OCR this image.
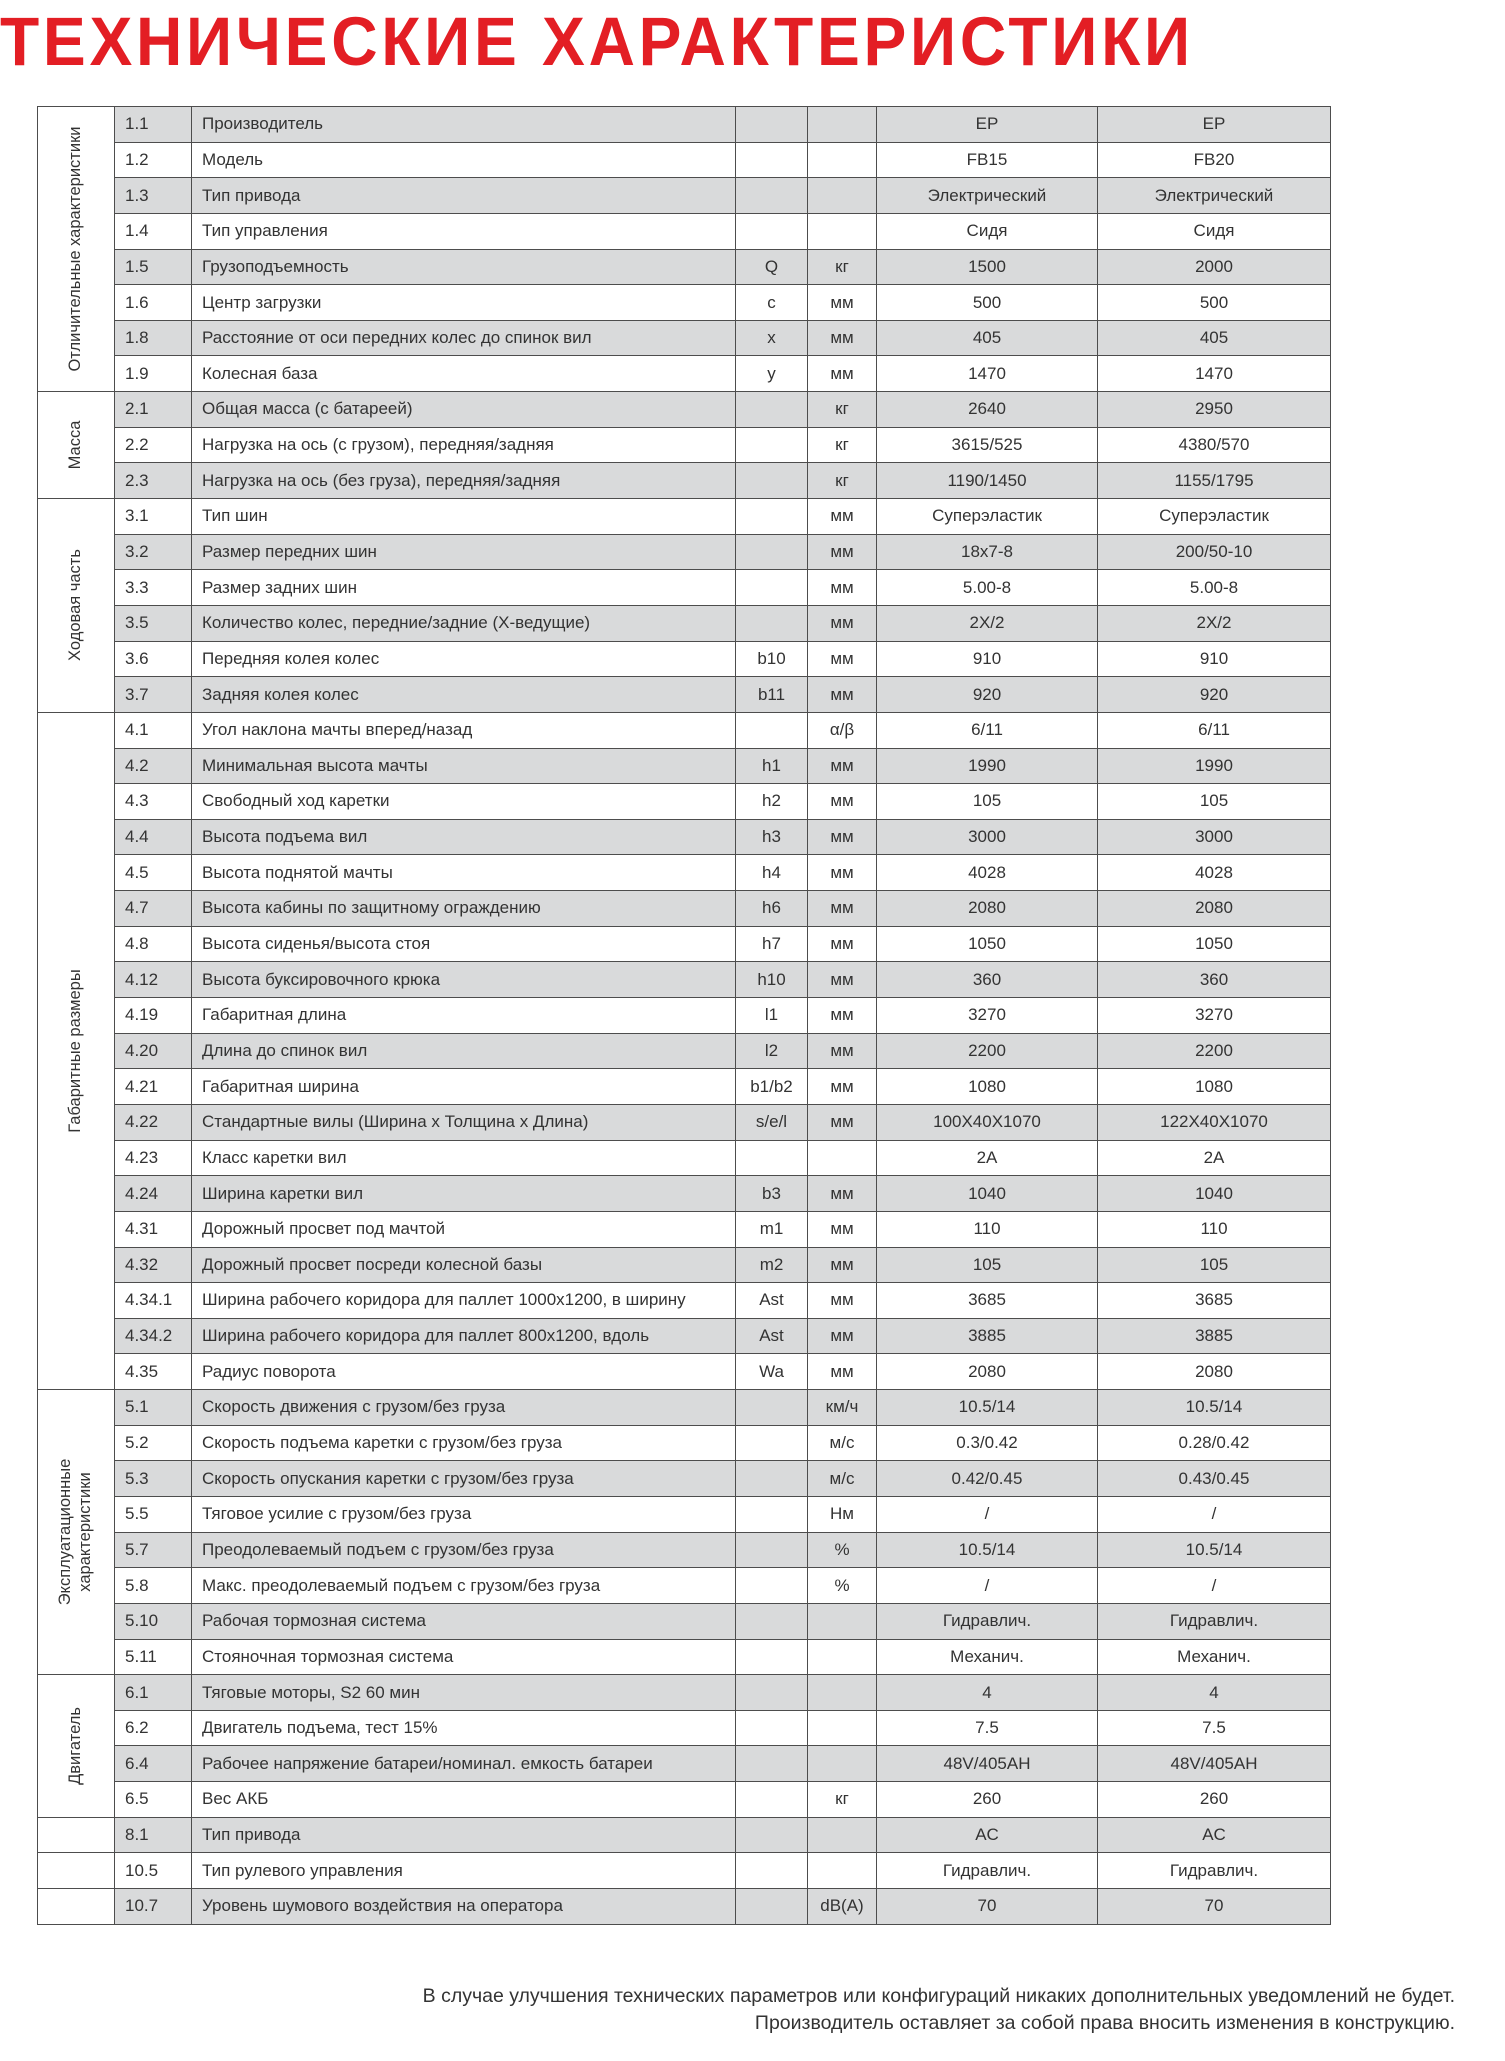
ТЕХНИЧЕСКИЕ ХАРАКТЕРИСТИКИ
Отличительные характеристики	1.1	Производитель			EP	EP
	1.2	Модель			FB15	FB20
	1.3	Тип привода			Электрический	Электрический
	1.4	Тип управления			Сидя	Сидя
	1.5	Грузоподъемность	Q	кг	1500	2000
	1.6	Центр загрузки	c	мм	500	500
	1.8	Расстояние от оси передних колес до спинок вил	x	мм	405	405
	1.9	Колесная база	y	мм	1470	1470

Масса	2.1	Общая масса (с батареей)		кг	2640	2950
	2.2	Нагрузка на ось (с грузом), передняя/задняя		кг	3615/525	4380/570
	2.3	Нагрузка на ось (без груза), передняя/задняя		кг	1190/1450	1155/1795

Ходовая часть	3.1	Тип шин		мм	Суперэластик	Суперэластик
	3.2	Размер передних шин		мм	18x7-8	200/50-10
	3.3	Размер задних шин		мм	5.00-8	5.00-8
	3.5	Количество колес, передние/задние (X-ведущие)		мм	2X/2	2X/2
	3.6	Передняя колея колес	b10	мм	910	910
	3.7	Задняя колея колес	b11	мм	920	920

Габаритные размеры	4.1	Угол наклона мачты вперед/назад		α/β	6/11	6/11
	4.2	Минимальная высота мачты	h1	мм	1990	1990
	4.3	Свободный ход каретки	h2	мм	105	105
	4.4	Высота подъема вил	h3	мм	3000	3000
	4.5	Высота поднятой мачты	h4	мм	4028	4028
	4.7	Высота кабины по защитному ограждению	h6	мм	2080	2080
	4.8	Высота сиденья/высота стоя	h7	мм	1050	1050
	4.12	Высота буксировочного крюка	h10	мм	360	360
	4.19	Габаритная длина	l1	мм	3270	3270
	4.20	Длина до спинок вил	l2	мм	2200	2200
	4.21	Габаритная ширина	b1/b2	мм	1080	1080
	4.22	Стандартные вилы (Ширина x Толщина x Длина)	s/e/l	мм	100X40X1070	122X40X1070
	4.23	Класс каретки вил			2A	2A
	4.24	Ширина каретки вил	b3	мм	1040	1040
	4.31	Дорожный просвет под мачтой	m1	мм	110	110
	4.32	Дорожный просвет посреди колесной базы	m2	мм	105	105
	4.34.1	Ширина рабочего коридора для паллет 1000x1200, в ширину	Ast	мм	3685	3685
	4.34.2	Ширина рабочего коридора для паллет 800x1200, вдоль	Ast	мм	3885	3885
	4.35	Радиус поворота	Wa	мм	2080	2080

Эксплуатационные характеристики	5.1	Скорость движения с грузом/без груза		км/ч	10.5/14	10.5/14
	5.2	Скорость подъема каретки с грузом/без груза		м/с	0.3/0.42	0.28/0.42
	5.3	Скорость опускания каретки с грузом/без груза		м/с	0.42/0.45	0.43/0.45
	5.5	Тяговое усилие с грузом/без груза		Нм	/	/
	5.7	Преодолеваемый подъем с грузом/без груза		%	10.5/14	10.5/14
	5.8	Макс. преодолеваемый подъем с грузом/без груза		%	/	/
	5.10	Рабочая тормозная система			Гидравлич.	Гидравлич.
	5.11	Стояночная тормозная система			Механич.	Механич.

Двигатель	6.1	Тяговые моторы, S2 60 мин			4	4
	6.2	Двигатель подъема, тест 15%			7.5	7.5
	6.4	Рабочее напряжение батареи/номинал. емкость батареи			48V/405AH	48V/405AH
	6.5	Вес АКБ		кг	260	260

	8.1	Тип привода			AC	AC

	10.5	Тип рулевого управления			Гидравлич.	Гидравлич.

	10.7	Уровень шумового воздействия на оператора		dB(A)	70	70
В случае улучшения технических параметров или конфигураций никаких дополнительных уведомлений не будет.
Производитель оставляет за собой права вносить изменения в конструкцию.
